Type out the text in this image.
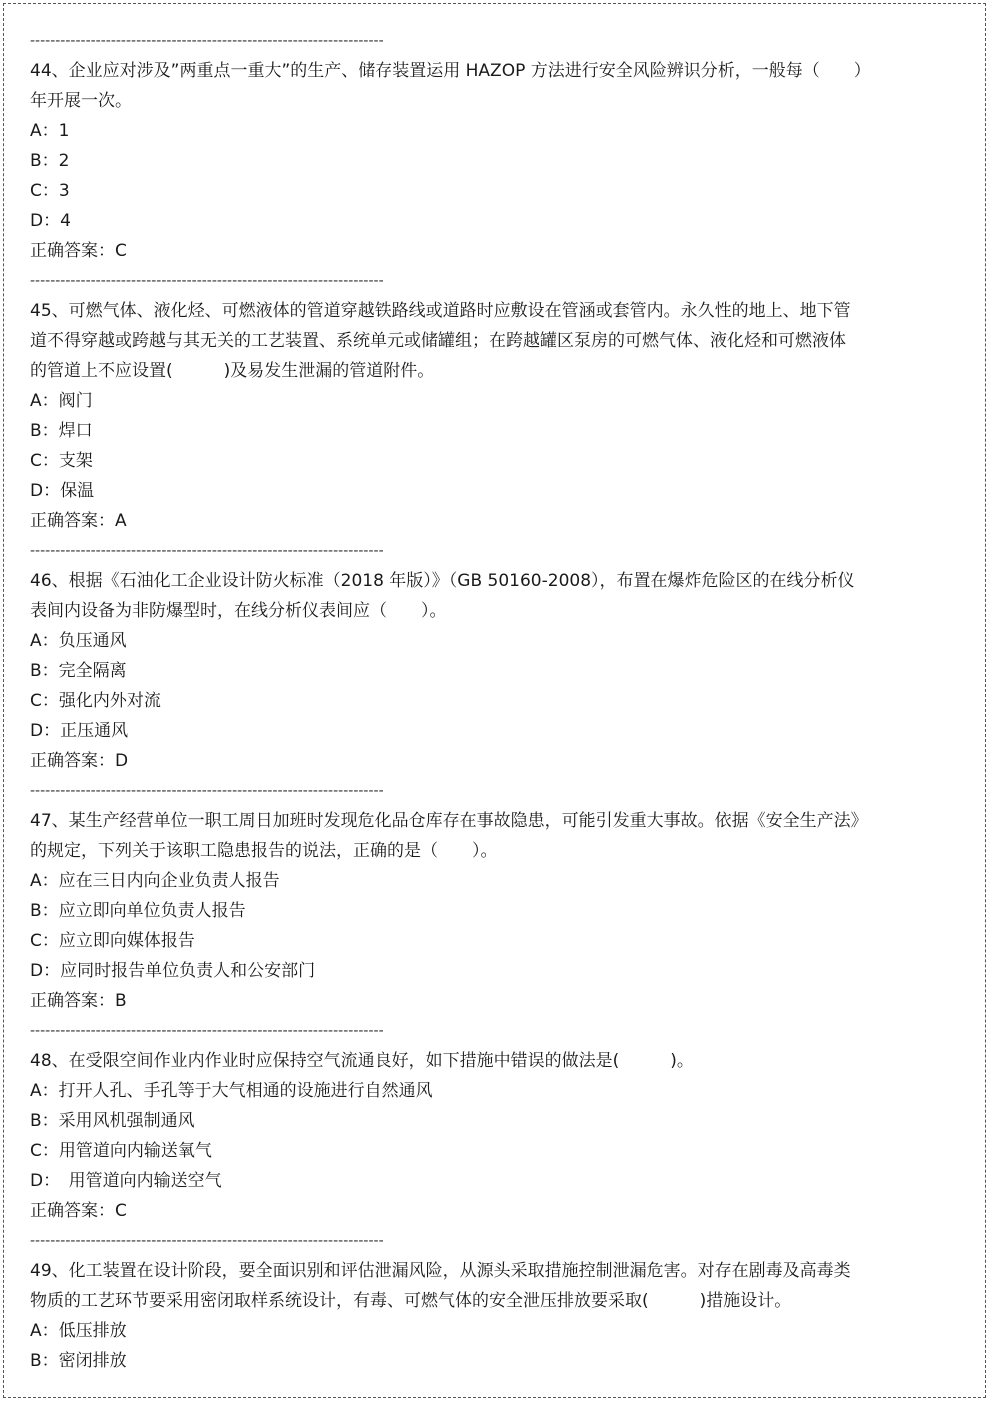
----------------------------------------------------------------------
44、企业应对涉及”两重点一重大”的生产、储存装置运用 HAZOP 方法进行安全风险辨识分析，一般每（　　）
年开展一次。
A：1
B：2
C：3
D：4
正确答案：C
----------------------------------------------------------------------
45、可燃气体、液化烃、可燃液体的管道穿越铁路线或道路时应敷设在管涵或套管内。永久性的地上、地下管
道不得穿越或跨越与其无关的工艺装置、系统单元或储罐组；在跨越罐区泵房的可燃气体、液化烃和可燃液体
的管道上不应设置(　　　)及易发生泄漏的管道附件。
A：阀门
B：焊口
C：支架
D：保温
正确答案：A
----------------------------------------------------------------------
46、根据《石油化工企业设计防火标准（2018 年版）》（GB 50160-2008），布置在爆炸危险区的在线分析仪
表间内设备为非防爆型时，在线分析仪表间应（　　）。
A：负压通风
B：完全隔离
C：强化内外对流
D：正压通风
正确答案：D
----------------------------------------------------------------------
47、某生产经营单位一职工周日加班时发现危化品仓库存在事故隐患，可能引发重大事故。依据《安全生产法》
的规定，下列关于该职工隐患报告的说法，正确的是（　　）。
A：应在三日内向企业负责人报告
B：应立即向单位负责人报告
C：应立即向媒体报告
D：应同时报告单位负责人和公安部门
正确答案：B
----------------------------------------------------------------------
48、在受限空间作业内作业时应保持空气流通良好，如下措施中错误的做法是(　　　)。
A：打开人孔、手孔等于大气相通的设施进行自然通风
B：采用风机强制通风
C：用管道向内输送氧气
D：　用管道向内输送空气
正确答案：C
----------------------------------------------------------------------
49、化工装置在设计阶段，要全面识别和评估泄漏风险，从源头采取措施控制泄漏危害。对存在剧毒及高毒类
物质的工艺环节要采用密闭取样系统设计，有毒、可燃气体的安全泄压排放要采取(　　　)措施设计。
A：低压排放
B：密闭排放
